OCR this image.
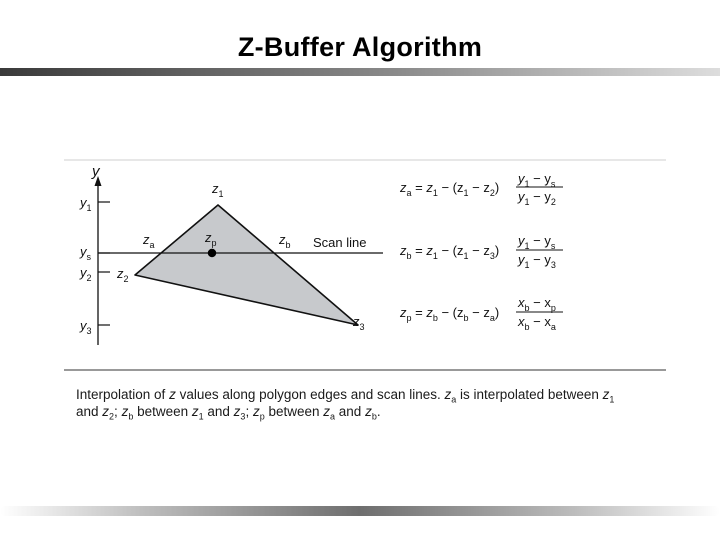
Z-Buffer Algorithm
y
$y_1$
$y_s$
$y_2$
$y_3$
$z_1$
$z_2$
$z_3$
$z_a$	$z_p$	$z_b$ Scan line
$z_a = z_1 - (z_1 - z_2)$
$y_1 - y_s$
$y_1 - y_2$
$z_b = z_1 - (z_1 - z_3)$
$y_1 - y_s$
$y_1 - y_3$
$z_p = z_b - (z_b - z_a)$
$x_b - x_p$
$x_b - x_a$
Interpolation of z values along polygon edges and scan lines. $z_a$ is interpolated between $z_1$
and $z_2$; $z_b$ between $z_1$ and $z_3$; $z_p$ between $z_a$ and $z_b$.
